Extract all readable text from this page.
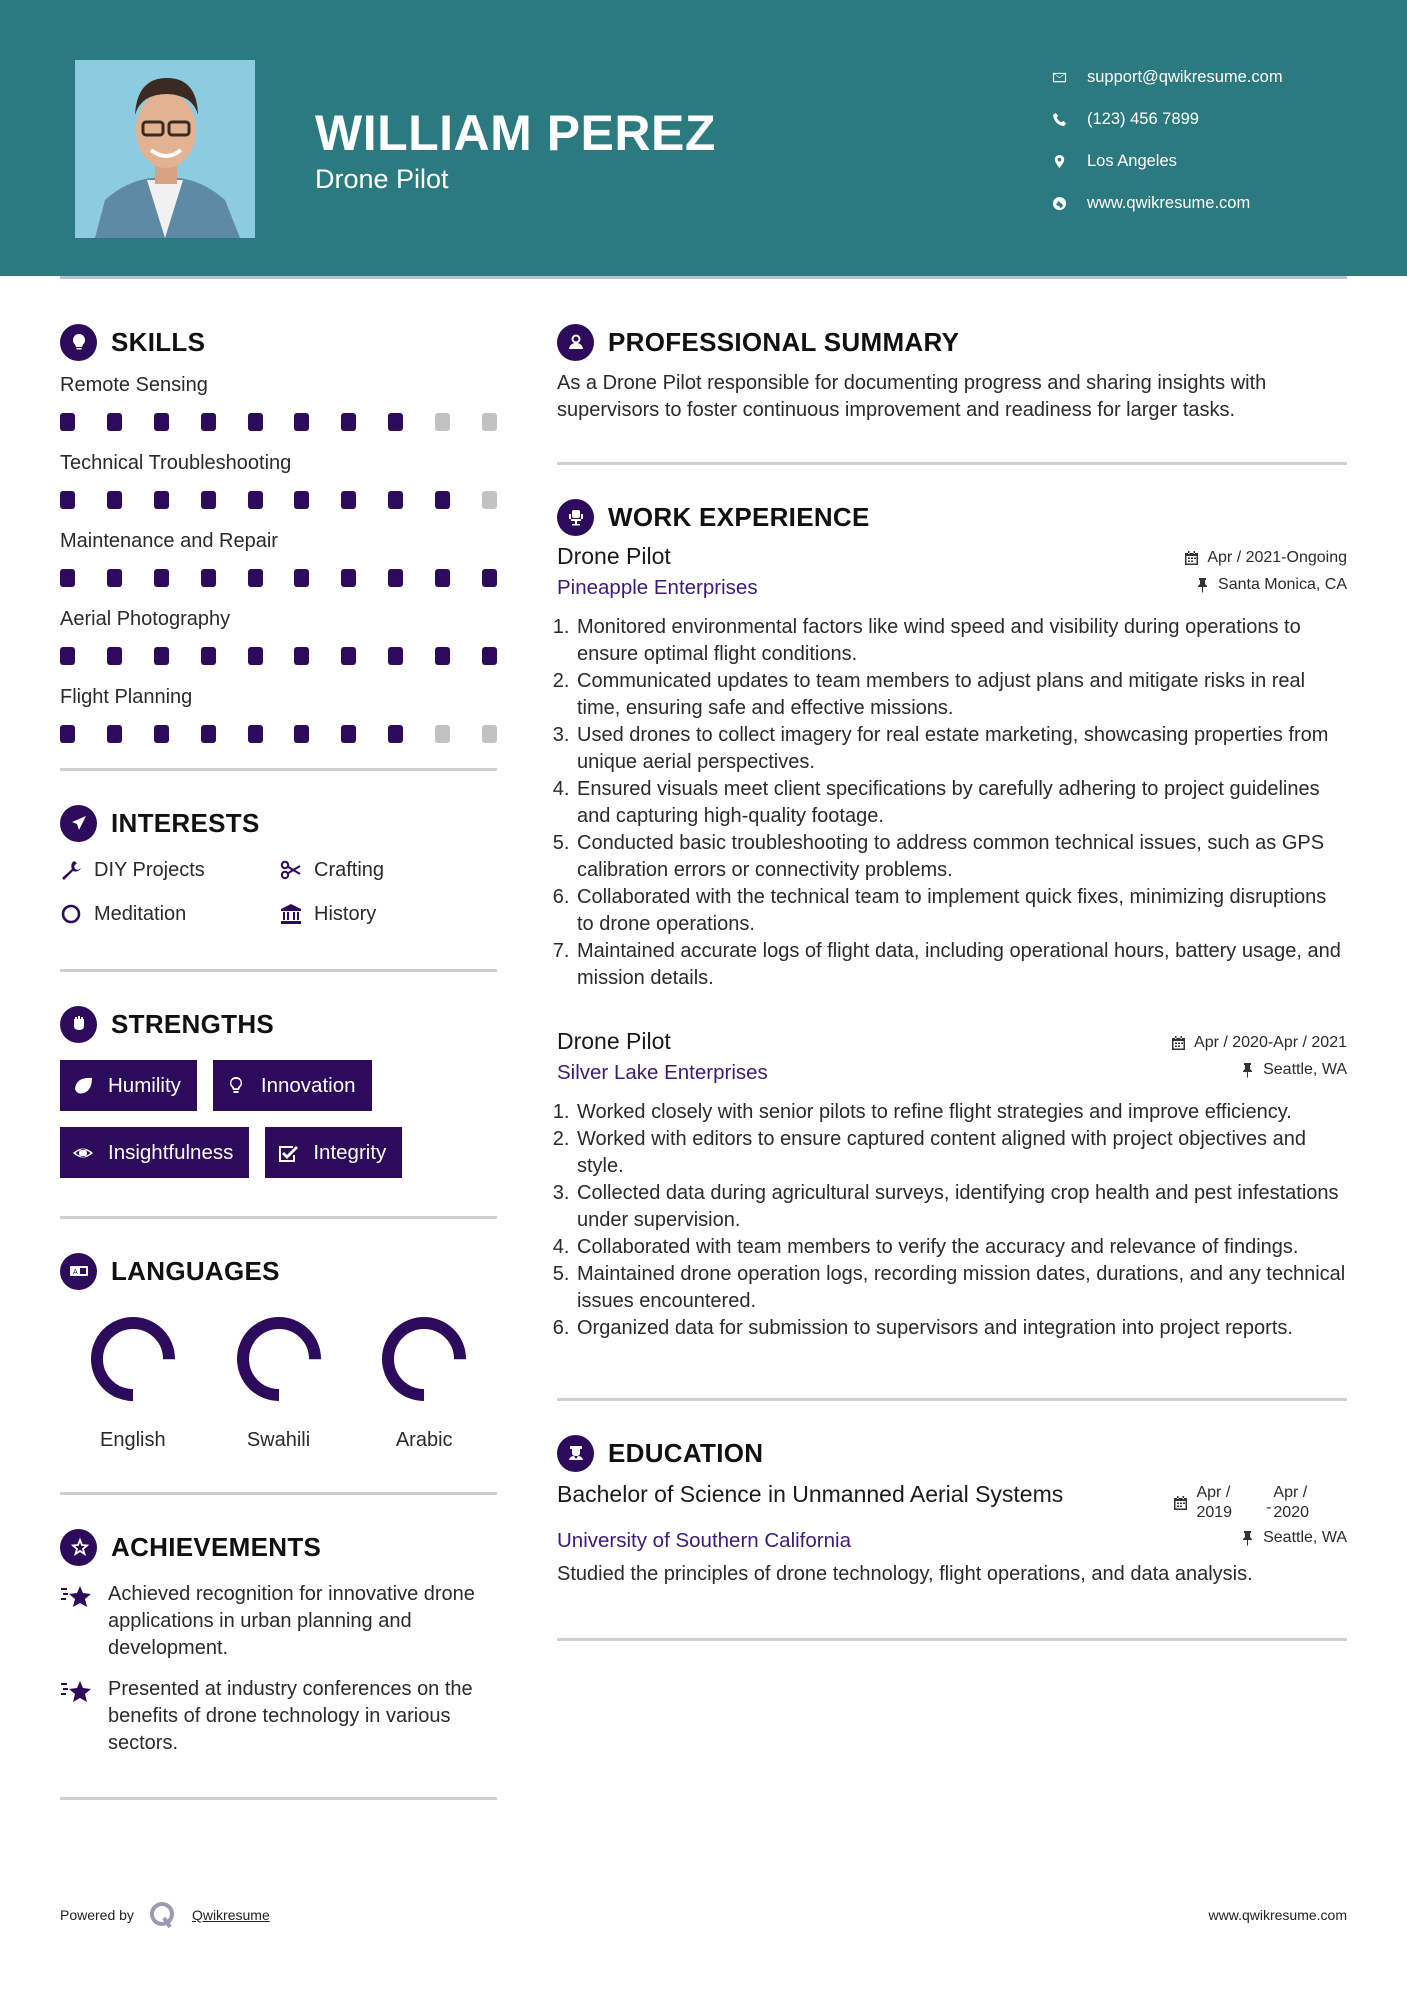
WILLIAM PEREZ
Drone Pilot
support@qwikresume.com
(123) 456 7899
Los Angeles
www.qwikresume.com
SKILLS
Remote Sensing
Technical Troubleshooting
Maintenance and Repair
Aerial Photography
Flight Planning
INTERESTS
DIY Projects	Crafting
Meditation	History
STRENGTHS
Humility	Innovation
Insightfulness	Integrity
A LANGUAGES
English	Swahili	Arabic
ACHIEVEMENTS
Achieved recognition for innovative drone applications in urban planning and development.
Presented at industry conferences on the benefits of drone technology in various sectors.
PROFESSIONAL SUMMARY

As a Drone Pilot responsible for documenting progress and sharing insights with supervisors to foster continuous improvement and readiness for larger tasks.

WORK EXPERIENCE
Drone Pilot	Apr / 2021-Ongoing
Pineapple Enterprises	Santa Monica, CA
1. Monitored environmental factors like wind speed and visibility during operations to ensure optimal flight conditions.
2. Communicated updates to team members to adjust plans and mitigate risks in real time, ensuring safe and effective missions.
3. Used drones to collect imagery for real estate marketing, showcasing properties from unique aerial perspectives.
4. Ensured visuals meet client specifications by carefully adhering to project guidelines and capturing high-quality footage.
5. Conducted basic troubleshooting to address common technical issues, such as GPS calibration errors or connectivity problems.
6. Collaborated with the technical team to implement quick fixes, minimizing disruptions to drone operations.
7. Maintained accurate logs of flight data, including operational hours, battery usage, and mission details.
Drone Pilot	Apr / 2020-Apr / 2021
Silver Lake Enterprises	Seattle, WA
1. Worked closely with senior pilots to refine flight strategies and improve efficiency.
2. Worked with editors to ensure captured content aligned with project objectives and style.
3. Collected data during agricultural surveys, identifying crop health and pest infestations under supervision.
4. Collaborated with team members to verify the accuracy and relevance of findings.
5. Maintained drone operation logs, recording mission dates, durations, and any technical issues encountered.
6. Organized data for submission to supervisors and integration into project reports.
EDUCATION
Bachelor of Science in Unmanned Aerial Systems	Apr /
2019 -
Apr /
2020
University of Southern California	Seattle, WA

Studied the principles of drone technology, flight operations, and data analysis.

Powered by	Qwikresume	www.qwikresume.com
